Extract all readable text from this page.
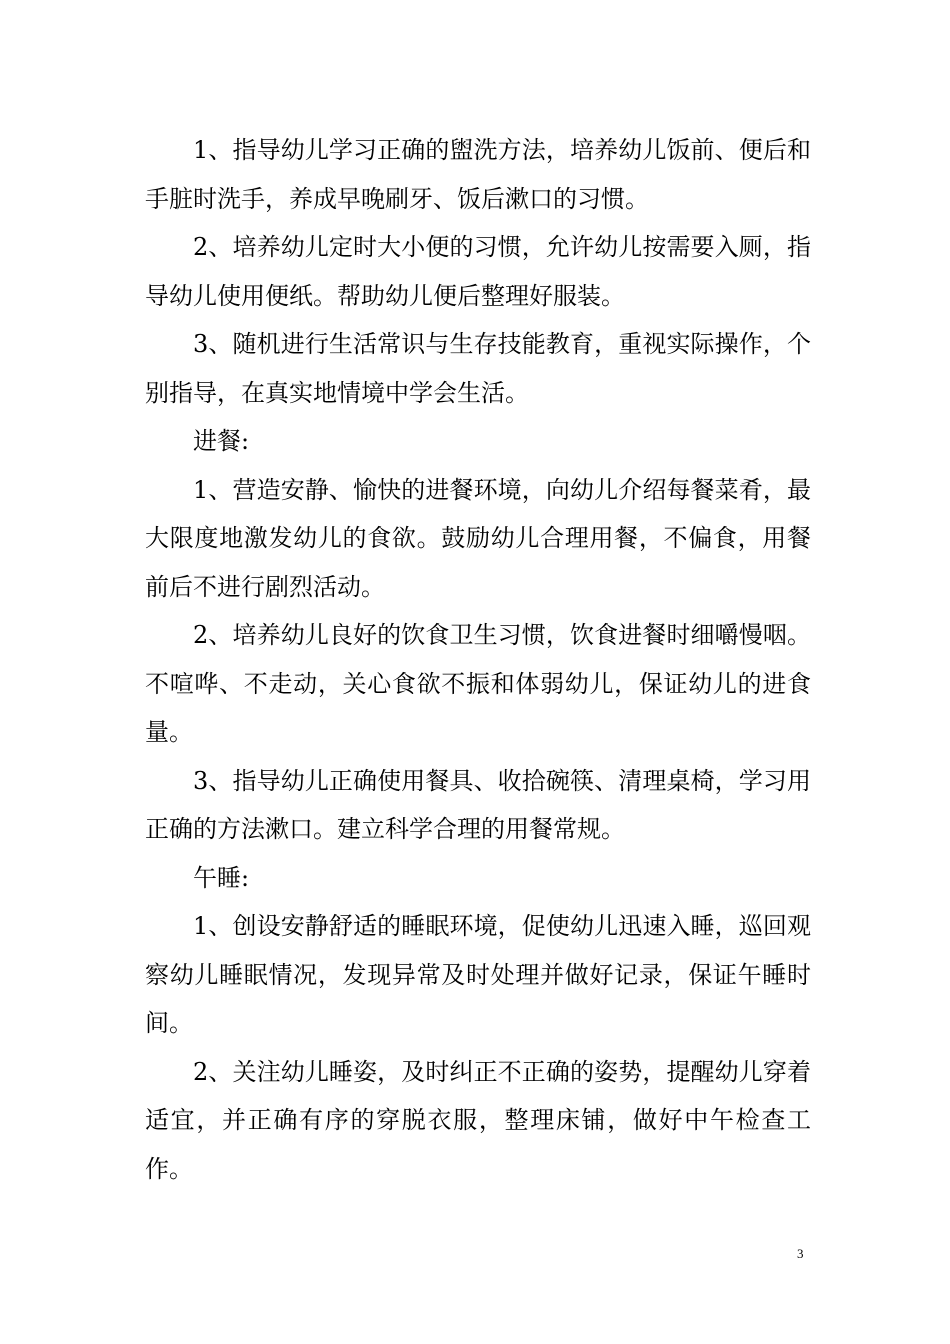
1、指导幼儿学习正确的盥洗方法，培养幼儿饭前、便后和手脏时洗手，养成早晚刷牙、饭后漱口的习惯。

2、培养幼儿定时大小便的习惯，允许幼儿按需要入厕，指导幼儿使用便纸。帮助幼儿便后整理好服装。

3、随机进行生活常识与生存技能教育，重视实际操作，个别指导，在真实地情境中学会生活。

进餐:

1、营造安静、愉快的进餐环境，向幼儿介绍每餐菜肴，最大限度地激发幼儿的食欲。鼓励幼儿合理用餐，不偏食，用餐前后不进行剧烈活动。

2、培养幼儿良好的饮食卫生习惯，饮食进餐时细嚼慢咽。不喧哗、不走动，关心食欲不振和体弱幼儿，保证幼儿的进食量。

3、指导幼儿正确使用餐具、收拾碗筷、清理桌椅，学习用正确的方法漱口。建立科学合理的用餐常规。

午睡:

1、创设安静舒适的睡眠环境，促使幼儿迅速入睡，巡回观察幼儿睡眠情况，发现异常及时处理并做好记录，保证午睡时间。

2、关注幼儿睡姿，及时纠正不正确的姿势，提醒幼儿穿着适宜，并正确有序的穿脱衣服，整理床铺，做好中午检查工作。

3
